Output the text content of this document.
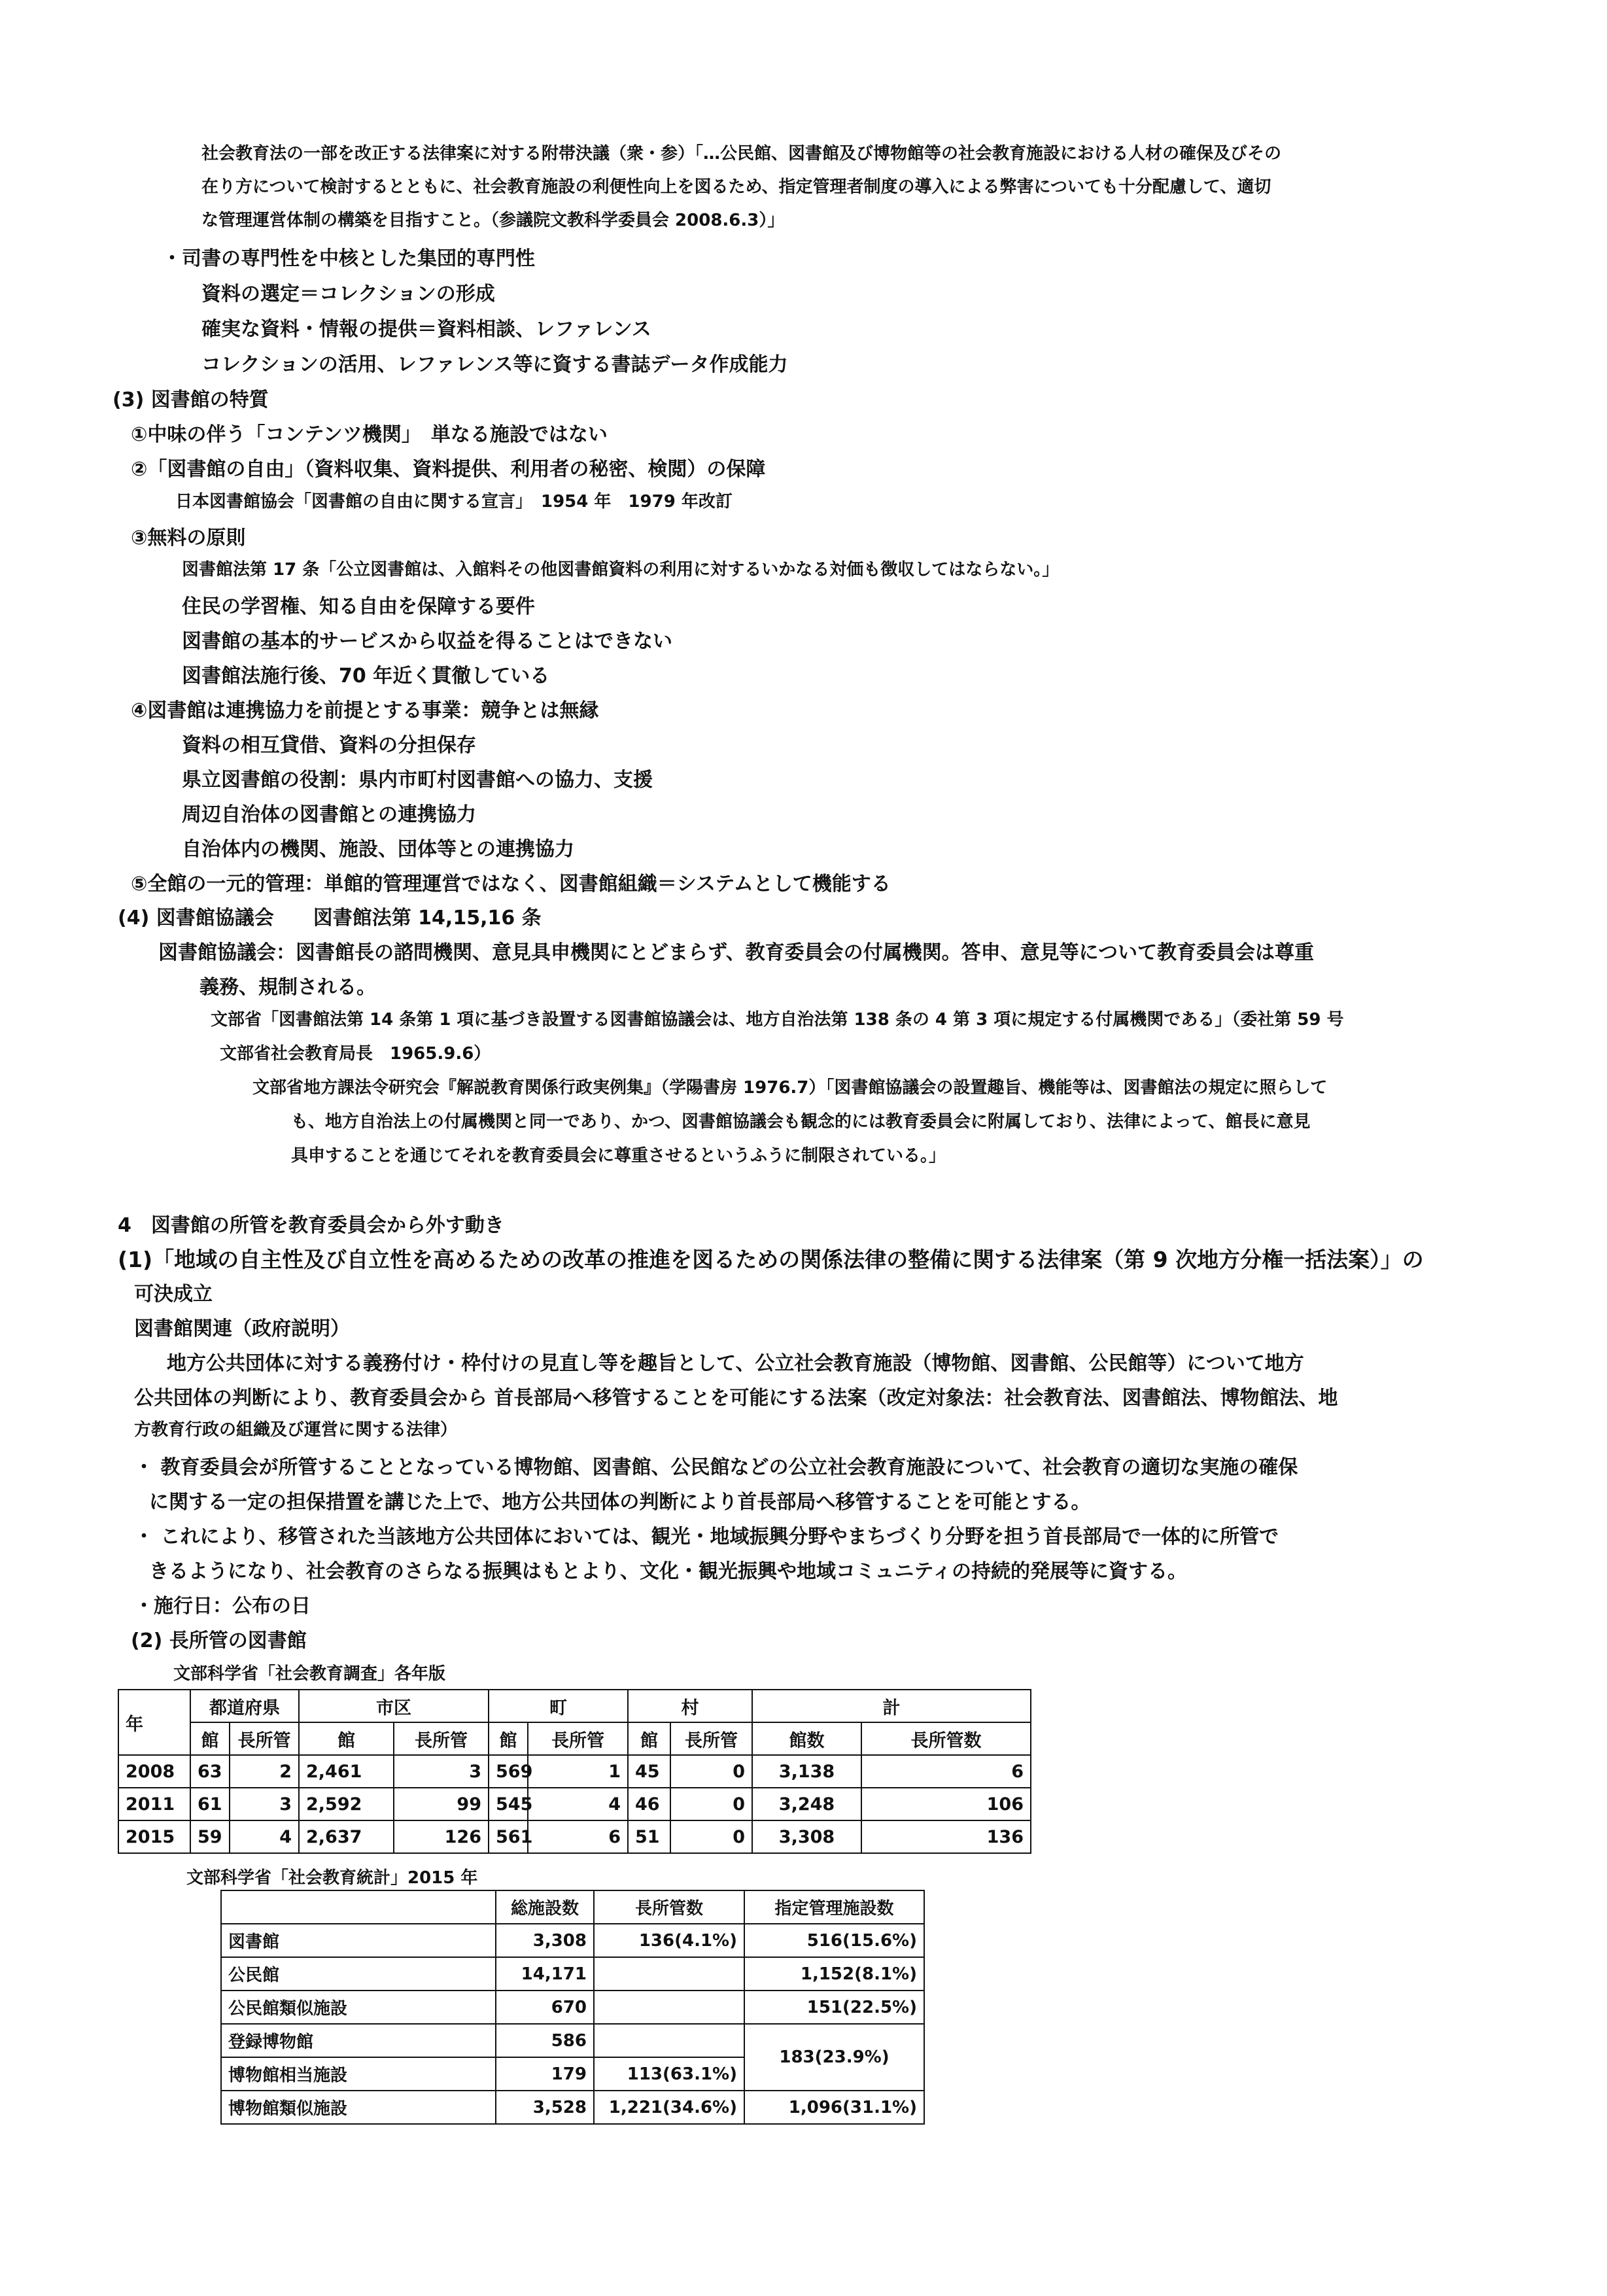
社会教育法の一部を改正する法律案に対する附帯決議（衆・参）「…公民館、図書館及び博物館等の社会教育施設における人材の確保及びその
在り方について検討するとともに、社会教育施設の利便性向上を図るため、指定管理者制度の導入による弊害についても十分配慮して、適切
な管理運営体制の構築を目指すこと。（参議院文教科学委員会 2008.6.3）」
・司書の専門性を中核とした集団的専門性
資料の選定＝コレクションの形成
確実な資料・情報の提供＝資料相談、レファレンス
コレクションの活用、レファレンス等に資する書誌データ作成能力
(3) 図書館の特質
①中味の伴う「コンテンツ機関」　単なる施設ではない
②「図書館の自由」（資料収集、資料提供、利用者の秘密、検閲）の保障
日本図書館協会「図書館の自由に関する宣言」　1954 年　1979 年改訂
③無料の原則
図書館法第 17 条「公立図書館は、入館料その他図書館資料の利用に対するいかなる対価も徴収してはならない。」
住民の学習権、知る自由を保障する要件
図書館の基本的サービスから収益を得ることはできない
図書館法施行後、70 年近く貫徹している
④図書館は連携協力を前提とする事業：競争とは無縁
資料の相互貸借、資料の分担保存
県立図書館の役割：県内市町村図書館への協力、支援
周辺自治体の図書館との連携協力
自治体内の機関、施設、団体等との連携協力
⑤全館の一元的管理：単館的管理運営ではなく、図書館組織＝システムとして機能する
(4) 図書館協議会　　図書館法第 14,15,16 条
図書館協議会：図書館長の諮問機関、意見具申機関にとどまらず、教育委員会の付属機関。答申、意見等について教育委員会は尊重
義務、規制される。
文部省「図書館法第 14 条第 1 項に基づき設置する図書館協議会は、地方自治法第 138 条の 4 第 3 項に規定する付属機関である」（委社第 59 号
文部省社会教育局長　1965.9.6）
文部省地方課法令研究会『解説教育関係行政実例集』（学陽書房 1976.7）「図書館協議会の設置趣旨、機能等は、図書館法の規定に照らして
も、地方自治法上の付属機関と同一であり、かつ、図書館協議会も観念的には教育委員会に附属しており、法律によって、館長に意見
具申することを通じてそれを教育委員会に尊重させるというふうに制限されている。」
4　図書館の所管を教育委員会から外す動き
(1)「地域の自主性及び自立性を高めるための改革の推進を図るための関係法律の整備に関する法律案（第 9 次地方分権一括法案）」の
可決成立
図書館関連（政府説明）
地方公共団体に対する義務付け・枠付けの見直し等を趣旨として、公立社会教育施設（博物館、図書館、公民館等）について地方
公共団体の判断により、教育委員会から 首長部局へ移管することを可能にする法案（改定対象法：社会教育法、図書館法、博物館法、地
方教育行政の組織及び運営に関する法律）
・ 教育委員会が所管することとなっている博物館、図書館、公民館などの公立社会教育施設について、社会教育の適切な実施の確保
に関する一定の担保措置を講じた上で、地方公共団体の判断により首長部局へ移管することを可能とする。
・ これにより、移管された当該地方公共団体においては、観光・地域振興分野やまちづくり分野を担う首長部局で一体的に所管で
きるようになり、社会教育のさらなる振興はもとより、文化・観光振興や地域コミュニティの持続的発展等に資する。
・施行日：公布の日
(2) 長所管の図書館
文部科学省「社会教育調査」各年版
年	都道府県		市区		町		村		計	
	館	長所管	館	長所管	館	長所管	館	長所管	館数	長所管数
2008	63	2	2,461	3	569	1	45	0	3,138	6
2011	61	3	2,592	99	545	4	46	0	3,248	106
2015	59	4	2,637	126	561	6	51	0	3,308	136
文部科学省「社会教育統計」2015 年
	総施設数	長所管数	指定管理施設数
図書館	3,308	136(4.1%)	516(15.6%)
公民館	14,171		1,152(8.1%)
公民館類似施設	670		151(22.5%)
登録博物館	586		183(23.9%)
博物館相当施設	179	113(63.1%)	
博物館類似施設	3,528	1,221(34.6%)	1,096(31.1%)
